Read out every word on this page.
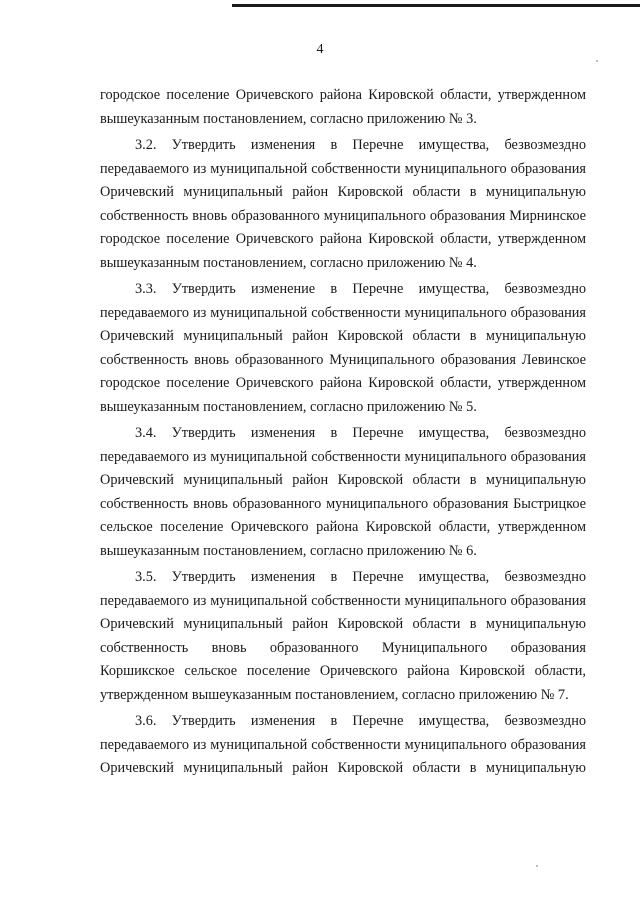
4
городское поселение Оричевского района Кировской области, утвержденном
вышеуказанным постановлением, согласно приложению № 3.
3.2. Утвердить изменения в Перечне имущества, безвозмездно
передаваемого из муниципальной собственности муниципального образования
Оричевский муниципальный район Кировской области в муниципальную
собственность вновь образованного муниципального образования Мирнинское
городское поселение Оричевского района Кировской области, утвержденном
вышеуказанным постановлением, согласно приложению № 4.
3.3. Утвердить изменение в Перечне имущества, безвозмездно
передаваемого из муниципальной собственности муниципального образования
Оричевский муниципальный район Кировской области в муниципальную
собственность вновь образованного Муниципального образования Левинское
городское поселение Оричевского района Кировской области, утвержденном
вышеуказанным постановлением, согласно приложению № 5.
3.4. Утвердить изменения в Перечне имущества, безвозмездно
передаваемого из муниципальной собственности муниципального образования
Оричевский муниципальный район Кировской области в муниципальную
собственность вновь образованного муниципального образования Быстрицкое
сельское поселение Оричевского района Кировской области, утвержденном
вышеуказанным постановлением, согласно приложению № 6.
3.5. Утвердить изменения в Перечне имущества, безвозмездно
передаваемого из муниципальной собственности муниципального образования
Оричевский муниципальный район Кировской области в муниципальную
собственность вновь образованного Муниципального образования
Коршикское сельское поселение Оричевского района Кировской области,
утвержденном вышеуказанным постановлением, согласно приложению № 7.
3.6. Утвердить изменения в Перечне имущества, безвозмездно
передаваемого из муниципальной собственности муниципального образования
Оричевский муниципальный район Кировской области в муниципальную
